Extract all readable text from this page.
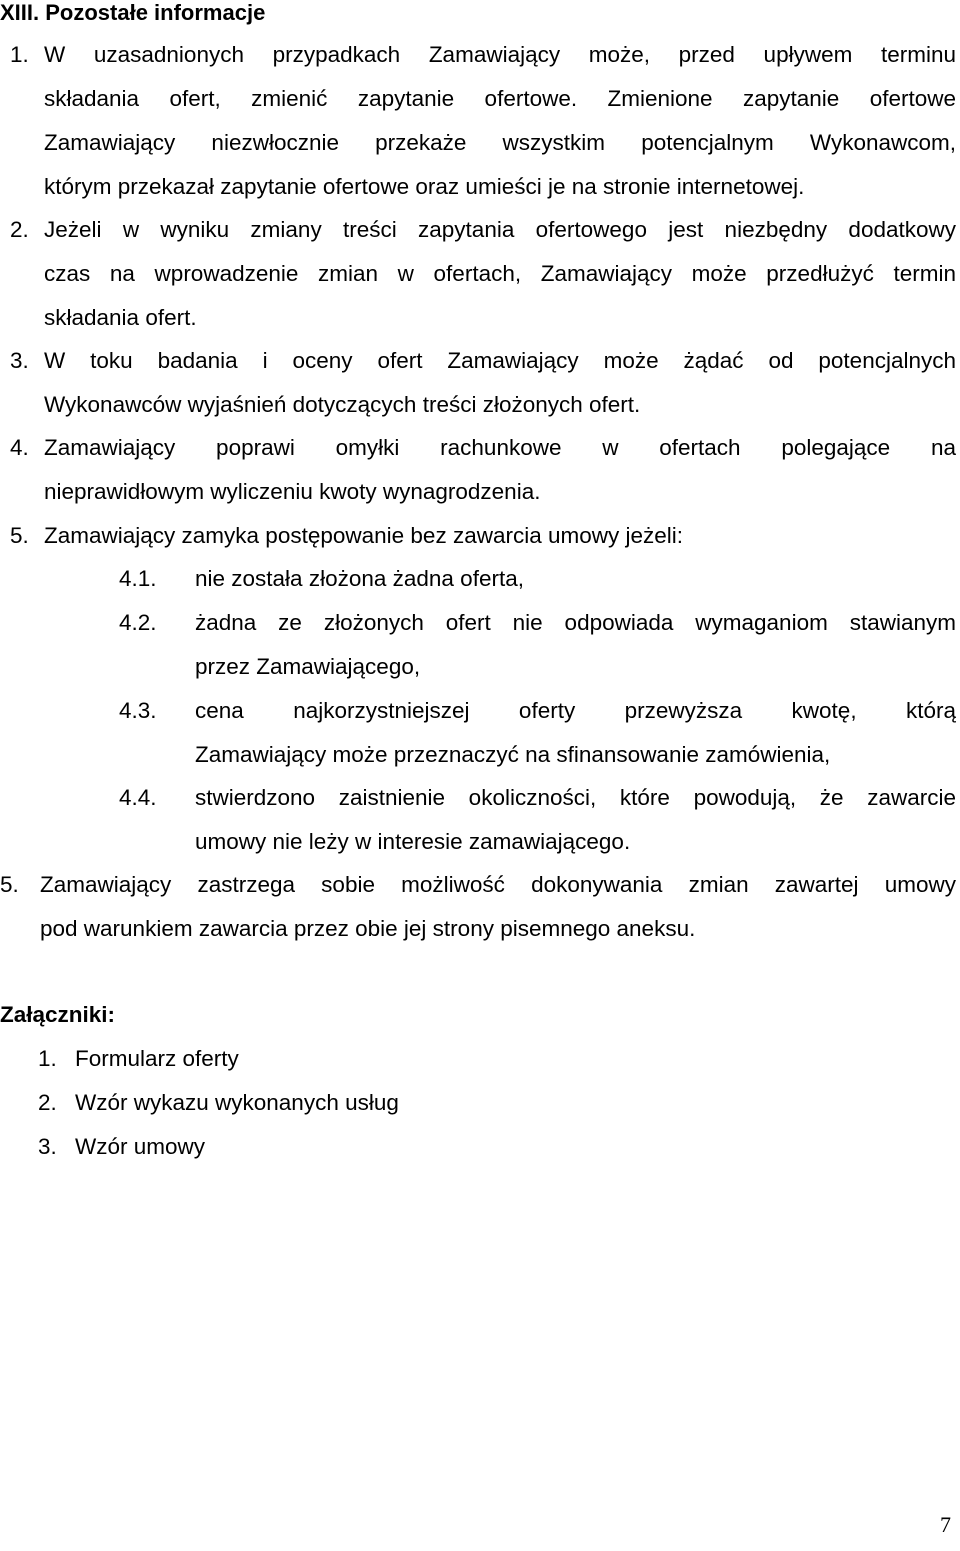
XIII. Pozostałe informacje
1. W uzasadnionych przypadkach Zamawiający może, przed upływem terminu
składania ofert, zmienić zapytanie ofertowe. Zmienione zapytanie ofertowe
Zamawiający niezwłocznie przekaże wszystkim potencjalnym Wykonawcom,
którym przekazał zapytanie ofertowe oraz umieści je na stronie internetowej.
2. Jeżeli w wyniku zmiany treści zapytania ofertowego jest niezbędny dodatkowy
czas na wprowadzenie zmian w ofertach, Zamawiający może przedłużyć termin
składania ofert.
3. W toku badania i oceny ofert Zamawiający może żądać od potencjalnych
Wykonawców wyjaśnień dotyczących treści złożonych ofert.
4. Zamawiający poprawi omyłki rachunkowe w ofertach polegające na
nieprawidłowym wyliczeniu kwoty wynagrodzenia.
5. Zamawiający zamyka postępowanie bez zawarcia umowy jeżeli:
4.1. nie została złożona żadna oferta,
4.2. żadna ze złożonych ofert nie odpowiada wymaganiom stawianym
przez Zamawiającego,
4.3. cena najkorzystniejszej oferty przewyższa kwotę, którą
Zamawiający może przeznaczyć na sfinansowanie zamówienia,
4.4. stwierdzono zaistnienie okoliczności, które powodują, że zawarcie
umowy nie leży w interesie zamawiającego.
5. Zamawiający zastrzega sobie możliwość dokonywania zmian zawartej umowy
pod warunkiem zawarcia przez obie jej strony pisemnego aneksu.
Załączniki:
1. Formularz oferty
2. Wzór wykazu wykonanych usług
3. Wzór umowy
7
